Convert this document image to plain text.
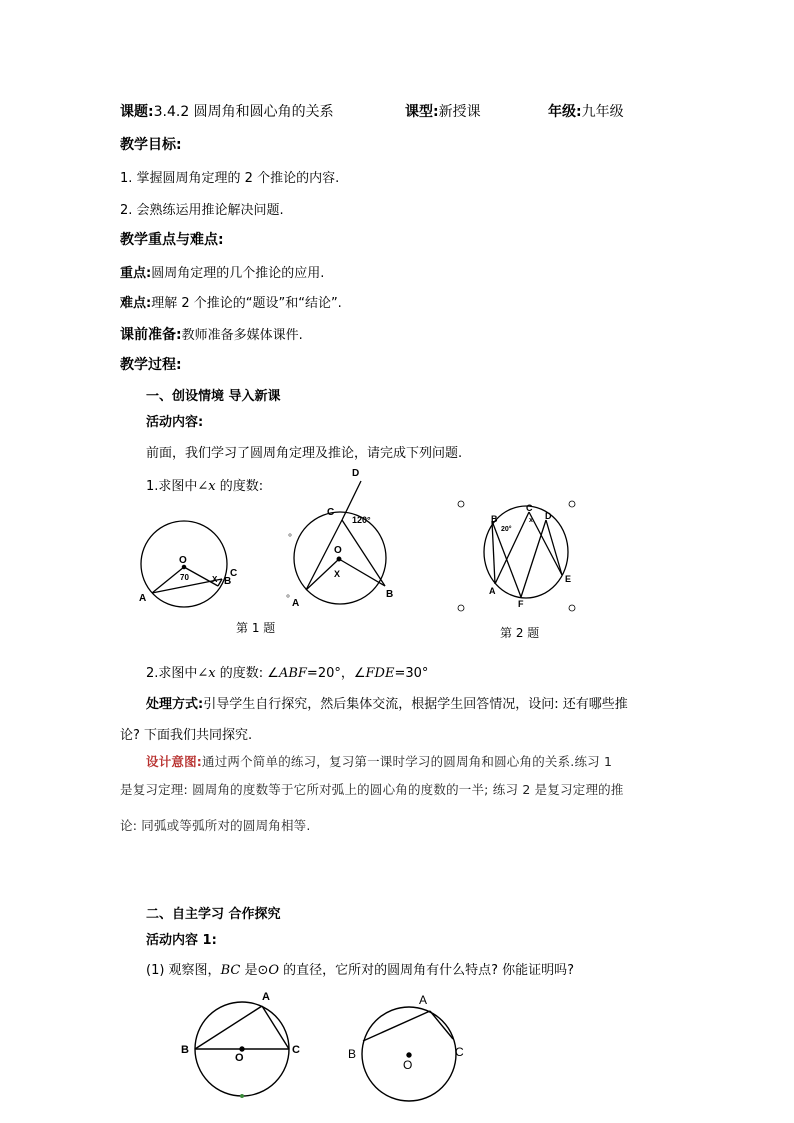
课题:3.4.2 圆周角和圆心角的关系	课型:新授课	年级:九年级
教学目标:
1. 掌握圆周角定理的 2 个推论的内容.
2. 会熟练运用推论解决问题.
教学重点与难点:
重点:圆周角定理的几个推论的应用.
难点:理解 2 个推论的“题设”和“结论”.
课前准备:教师准备多媒体课件.
教学过程:
一、创设情境 导入新课
活动内容:
前面，我们学习了圆周角定理及推论，请完成下列问题.
1.求图中∠x 的度数:
O
70	X
A
B
C
D
C
120°
O
X
A
B
B
20°
C
x D
A
E
F
第 1 题	第 2 题
2.求图中∠x 的度数: ∠ABF=20°，∠FDE=30°
处理方式:引导学生自行探究，然后集体交流，根据学生回答情况，设问: 还有哪些推
论? 下面我们共同探究.
设计意图:通过两个简单的练习，复习第一课时学习的圆周角和圆心角的关系.练习 1
是复习定理: 圆周角的度数等于它所对弧上的圆心角的度数的一半; 练习 2 是复习定理的推
论: 同弧或等弧所对的圆周角相等.
二、自主学习 合作探究
活动内容 1:
(1) 观察图，BC 是⊙O 的直径，它所对的圆周角有什么特点? 你能证明吗?
A
B
O
C
A
B
O
C
